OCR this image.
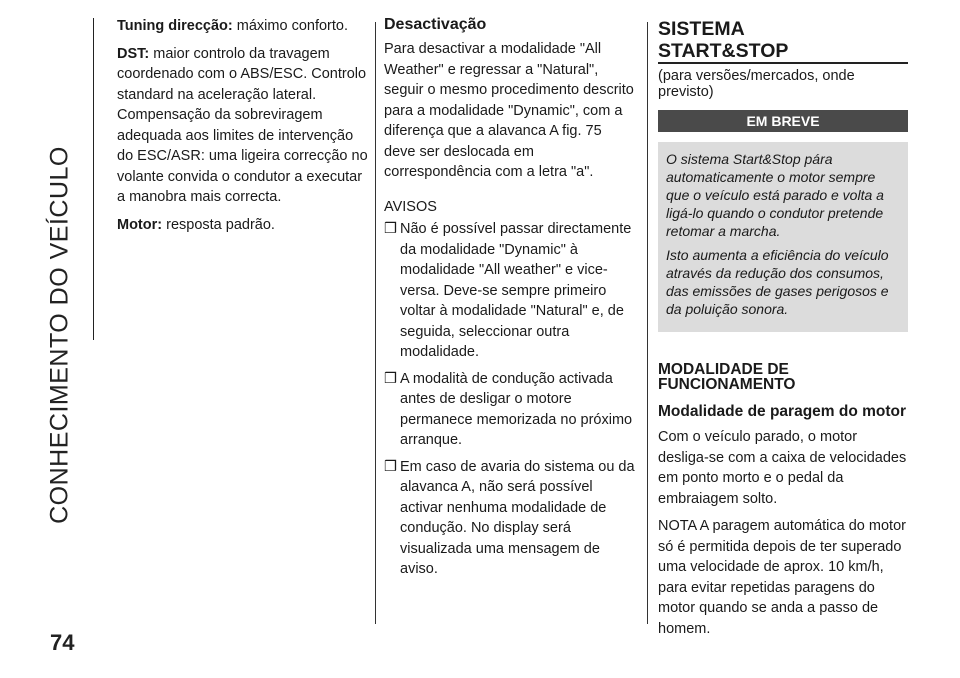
CONHECIMENTO DO VEÍCULO
74

Tuning direcção: máximo conforto.

DST: maior controlo da travagem coordenado com o ABS/ESC. Controlo standard na aceleração lateral. Compensação da sobreviragem adequada aos limites de intervenção do ESC/ASR: uma ligeira correcção no volante convida o condutor a executar a manobra mais correcta.

Motor: resposta padrão.

Desactivação

Para desactivar a modalidade "All Weather" e regressar a "Natural", seguir o mesmo procedimento descrito para a modalidade "Dynamic", com a diferença que a alavanca A fig. 75 deve ser deslocada em correspondência com a letra "a".

AVISOS

❒ Não é possível passar directamente da modalidade "Dynamic" à modalidade "All weather" e vice-versa. Deve-se sempre primeiro voltar à modalidade "Natural" e, de seguida, seleccionar outra modalidade.
❒ A modalità de condução activada antes de desligar o motore permanece memorizada no próximo arranque.
❒ Em caso de avaria do sistema ou da alavanca A, não será possível activar nenhuma modalidade de condução. No display será visualizada uma mensagem de aviso.
SISTEMA
START&STOP

(para versões/mercados, onde previsto)

EM BREVE

O sistema Start&Stop pára automaticamente o motor sempre que o veículo está parado e volta a ligá-lo quando o condutor pretende retomar a marcha.

Isto aumenta a eficiência do veículo através da redução dos consumos, das emissões de gases perigosos e da poluição sonora.

MODALIDADE DE FUNCIONAMENTO
Modalidade de paragem do motor

Com o veículo parado, o motor desliga-se com a caixa de velocidades em ponto morto e o pedal da embraiagem solto.

NOTA A paragem automática do motor só é permitida depois de ter superado uma velocidade de aprox. 10 km/h, para evitar repetidas paragens do motor quando se anda a passo de homem.
